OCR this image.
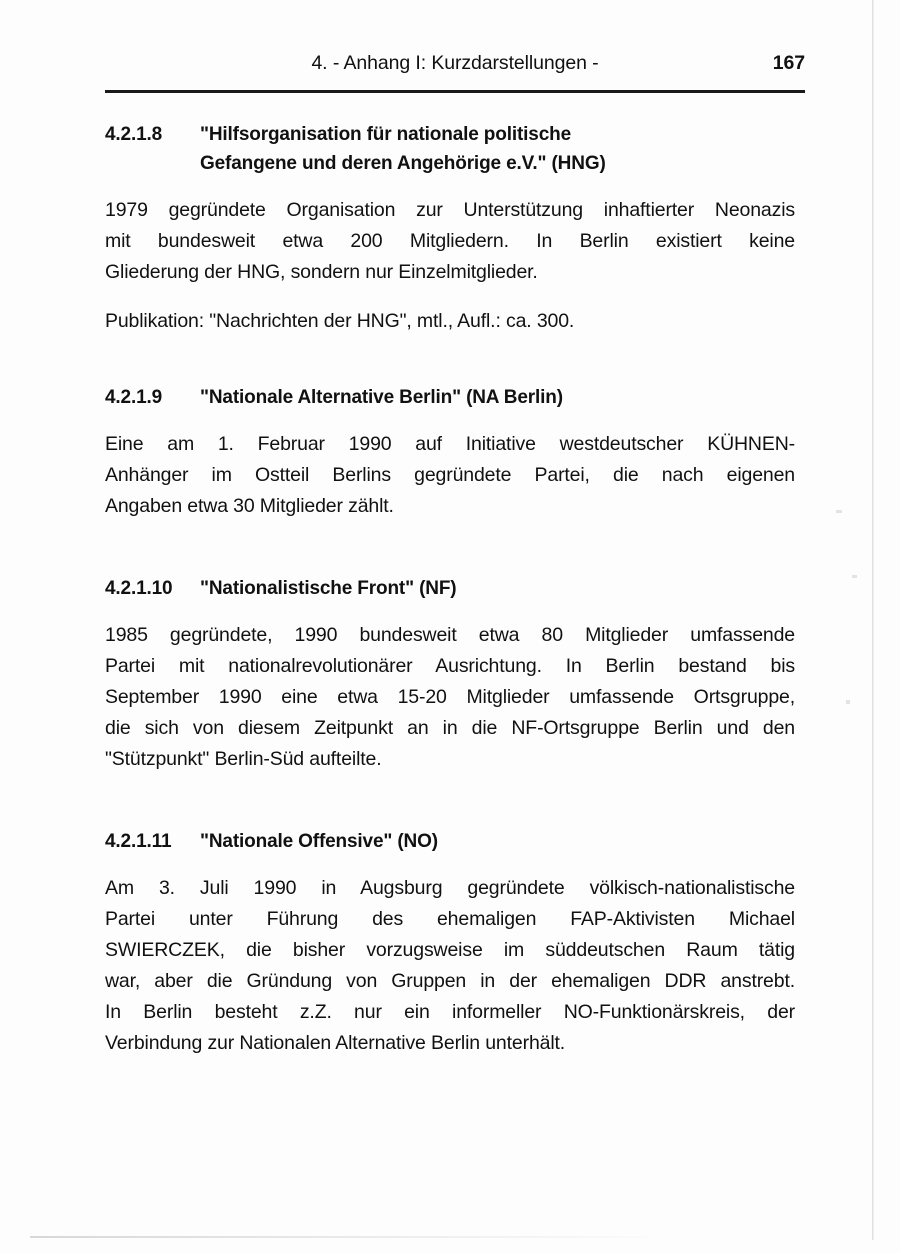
4. - Anhang I: Kurzdarstellungen -	167
4.2.1.8	"Hilfsorganisation für nationale politische
Gefangene und deren Angehörige e.V." (HNG)

1979 gegründete Organisation zur Unterstützung inhaftierter Neonazis
mit bundesweit etwa 200 Mitgliedern. In Berlin existiert keine
Gliederung der HNG, sondern nur Einzelmitglieder.

Publikation: "Nachrichten der HNG", mtl., Aufl.: ca. 300.

4.2.1.9	"Nationale Alternative Berlin" (NA Berlin)

Eine am 1. Februar 1990 auf Initiative westdeutscher KÜHNEN-
Anhänger im Ostteil Berlins gegründete Partei, die nach eigenen
Angaben etwa 30 Mitglieder zählt.

4.2.1.10	"Nationalistische Front" (NF)

1985 gegründete, 1990 bundesweit etwa 80 Mitglieder umfassende
Partei mit nationalrevolutionärer Ausrichtung. In Berlin bestand bis
September 1990 eine etwa 15-20 Mitglieder umfassende Ortsgruppe,
die sich von diesem Zeitpunkt an in die NF-Ortsgruppe Berlin und den
"Stützpunkt" Berlin-Süd aufteilte.

4.2.1.11	"Nationale Offensive" (NO)

Am 3. Juli 1990 in Augsburg gegründete völkisch-nationalistische
Partei unter Führung des ehemaligen FAP-Aktivisten Michael
SWIERCZEK, die bisher vorzugsweise im süddeutschen Raum tätig
war, aber die Gründung von Gruppen in der ehemaligen DDR anstrebt.
In Berlin besteht z.Z. nur ein informeller NO-Funktionärskreis, der
Verbindung zur Nationalen Alternative Berlin unterhält.
